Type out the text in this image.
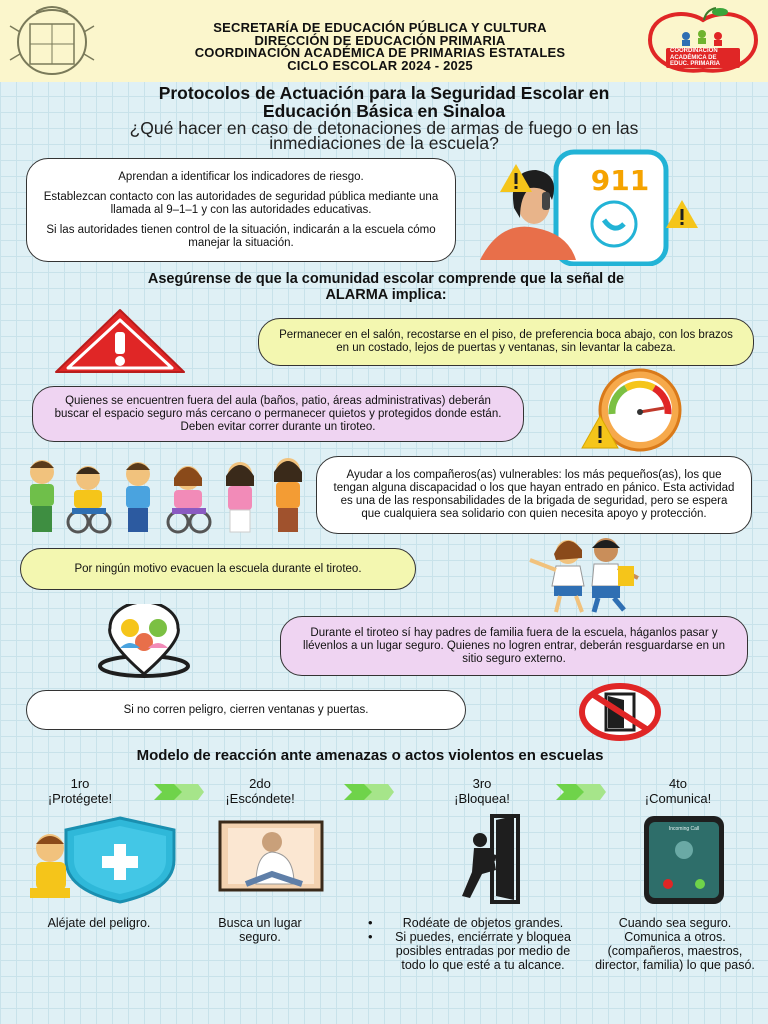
SECRETARÍA DE EDUCACIÓN PÚBLICA Y CULTURA
DIRECCIÓN DE EDUCACIÓN PRIMARIA
COORDINACIÓN ACADÉMICA DE PRIMARIAS ESTATALES
CICLO ESCOLAR 2024 - 2025
COORDINACIÓN
ACADÉMICA DE
EDUC. PRIMARIA
Protocolos de Actuación para la Seguridad Escolar en
Educación Básica en Sinaloa
¿Qué hacer en caso de detonaciones de armas de fuego o en las
inmediaciones de la escuela?
Aprendan a identificar los indicadores de riesgo.
Establezcan contacto con las autoridades de seguridad pública mediante una llamada al 9–1–1 y con las autoridades educativas.
Si las autoridades tienen control de la situación, indicarán a la escuela cómo manejar la situación.
911
Asegúrense de que la comunidad escolar comprende que la señal de
ALARMA implica:
Permanecer en el salón, recostarse en el piso, de preferencia boca abajo, con los brazos en un costado, lejos de puertas y ventanas, sin levantar la cabeza.
Quienes se encuentren fuera del aula (baños, patio, áreas administrativas) deberán buscar el espacio seguro más cercano o permanecer quietos y protegidos donde están. Deben evitar correr durante un tiroteo.
Ayudar a los compañeros(as) vulnerables: los más pequeños(as), los que tengan alguna discapacidad o los que hayan entrado en pánico. Esta actividad es una de las responsabilidades de la brigada de seguridad, pero se espera que cualquiera sea solidario con quien necesita apoyo y protección.
Por ningún motivo evacuen la escuela durante el tiroteo.
Durante el tiroteo sí hay padres de familia fuera de la escuela, háganlos pasar y llévenlos a un lugar seguro. Quienes no logren entrar, deberán resguardarse en un sitio seguro externo.
Si no corren peligro, cierren ventanas y puertas.
Modelo de reacción ante amenazas o actos violentos en escuelas
1ro
¡Protégete!
2do
¡Escóndete!
3ro
¡Bloquea!
4to
¡Comunica!
Incoming Call
Aléjate del peligro.	Busca un lugar seguro.
• Rodéate de objetos grandes.
• Si puedes, enciérrate y bloquea posibles entradas por medio de todo lo que esté a tu alcance.
Cuando sea seguro. Comunica a otros. (compañeros, maestros, director, familia) lo que pasó.
